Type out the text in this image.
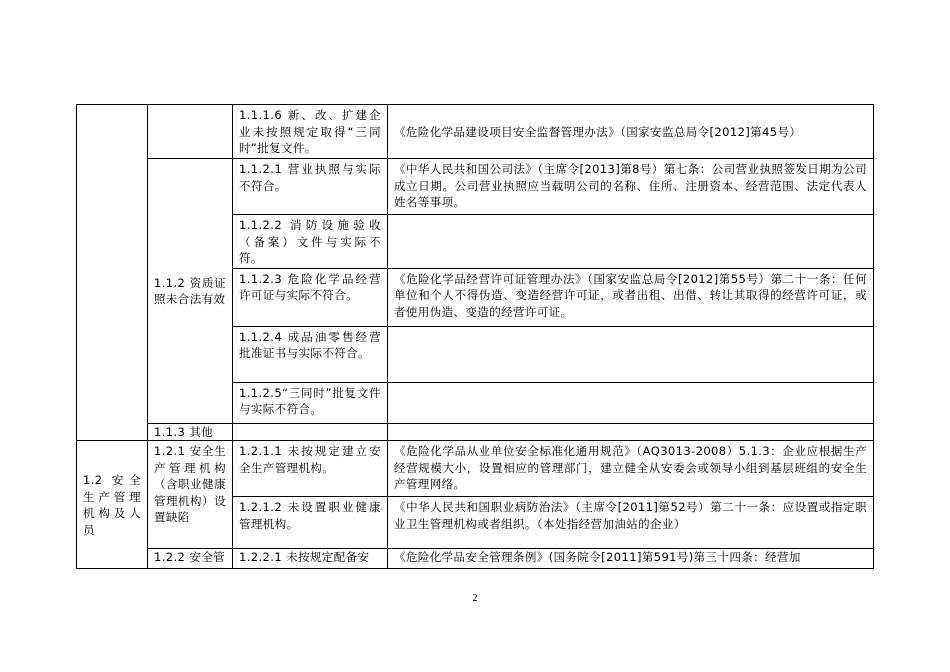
		1.1.1.6 新、改、扩建企业未按照规定取得“三同时”批复文件。	《危险化学品建设项目安全监督管理办法》（国家安监总局令[2012]第45号）
	1.1.2 资质证照未合法有效	1.1.2.1 营业执照与实际不符合。	《中华人民共和国公司法》（主席令[2013]第8号）第七条：公司营业执照签发日期为公司成立日期。公司营业执照应当载明公司的名称、住所、注册资本、经营范围、法定代表人姓名等事项。
		1.1.2.2 消防设施验收（备案）文件与实际不符。	
		1.1.2.3 危险化学品经营许可证与实际不符合。	《危险化学品经营许可证管理办法》（国家安监总局令[2012]第55号）第二十一条：任何单位和个人不得伪造、变造经营许可证，或者出租、出借、转让其取得的经营许可证，或者使用伪造、变造的经营许可证。
		1.1.2.4 成品油零售经营批准证书与实际不符合。	
		1.1.2.5“三同时”批复文件与实际不符合。	
	1.1.3 其他		
1.2 安全生产管理机构及人员	1.2.1 安全生产管理机构（含职业健康管理机构）设置缺陷	1.2.1.1 未按规定建立安全生产管理机构。	《危险化学品从业单位安全标准化通用规范》（AQ3013-2008）5.1.3：企业应根据生产经营规模大小，设置相应的管理部门，建立健全从安委会或领导小组到基层班组的安全生产管理网络。
		1.2.1.2 未设置职业健康管理机构。	《中华人民共和国职业病防治法》（主席令[2011]第52号）第二十一条：应设置或指定职业卫生管理机构或者组织。（本处指经营加油站的企业）
	1.2.2 安全管	1.2.2.1 未按规定配备安	《危险化学品安全管理条例》(国务院令[2011]第591号)第三十四条：经营加
2
